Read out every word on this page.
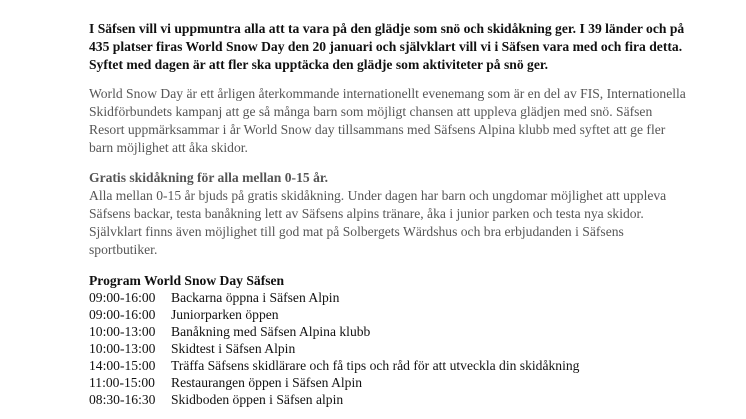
I Säfsen vill vi uppmuntra alla att ta vara på den glädje som snö och skidåkning ger. I 39 länder och på 435 platser firas World Snow Day den 20 januari och självklart vill vi i Säfsen vara med och fira detta. Syftet med dagen är att fler ska upptäcka den glädje som aktiviteter på snö ger.

World Snow Day är ett årligen återkommande internationellt evenemang som är en del av FIS, Internationella Skidförbundets kampanj att ge så många barn som möjligt chansen att uppleva glädjen med snö. Säfsen Resort uppmärksammar i år World Snow day tillsammans med Säfsens Alpina klubb med syftet att ge fler barn möjlighet att åka skidor.

Gratis skidåkning för alla mellan 0-15 år.

Alla mellan 0-15 år bjuds på gratis skidåkning. Under dagen har barn och ungdomar möjlighet att uppleva Säfsens backar, testa banåkning lett av Säfsens alpins tränare, åka i junior parken och testa nya skidor. Självklart finns även möjlighet till god mat på Solbergets Wärdshus och bra erbjudanden i Säfsens sportbutiker.

Program World Snow Day Säfsen

09:00-16:00	Backarna öppna i Säfsen Alpin
09:00-16:00	Juniorparken öppen
10:00-13:00	Banåkning med Säfsen Alpina klubb
10:00-13:00	Skidtest i Säfsen Alpin
14:00-15:00	Träffa Säfsens skidlärare och få tips och råd för att utveckla din skidåkning
11:00-15:00	Restaurangen öppen i Säfsen Alpin
08:30-16:30	Skidboden öppen i Säfsen alpin
